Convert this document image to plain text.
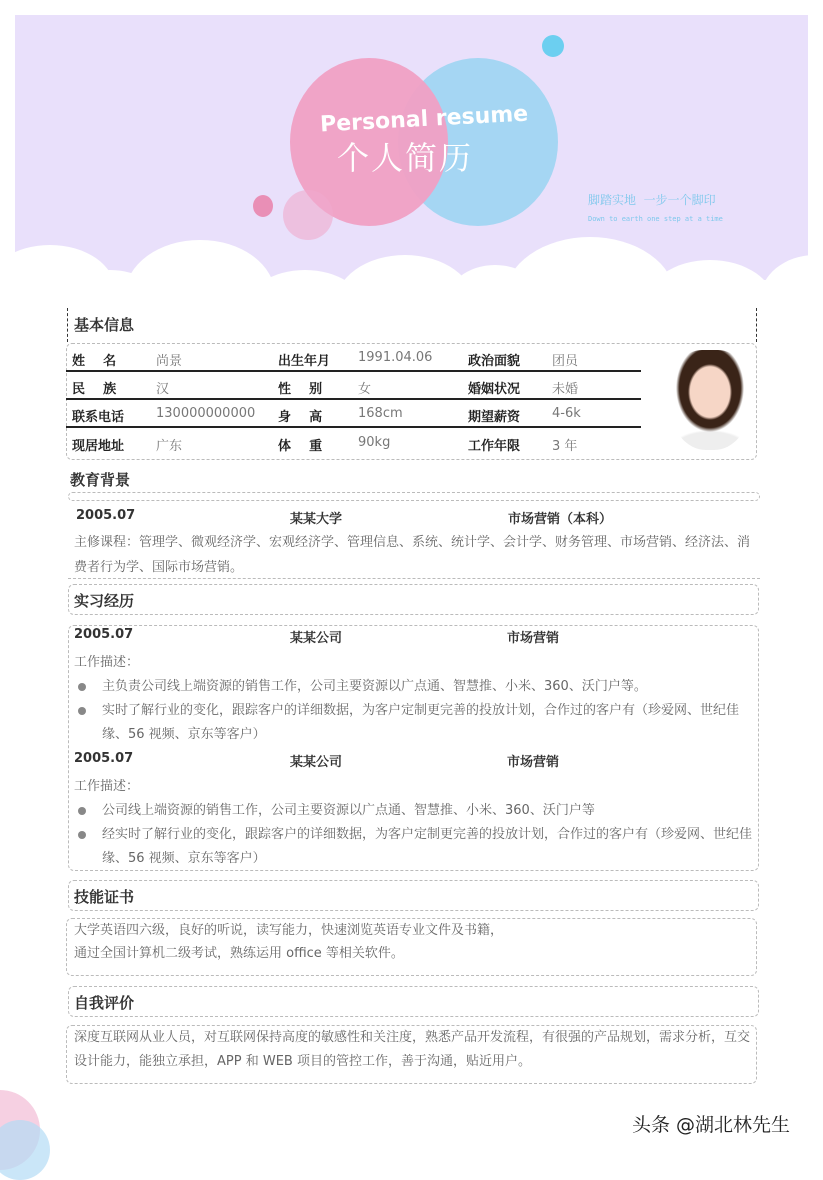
Personal resume
个人简历
脚踏实地  一步一个脚印
Down to earth one step at a time
基本信息
姓    名	尚景	出生年月 1991.04.06	政治面貌 团员
民    族	汉	性    别	女	婚姻状况 未婚
联系电话 130000000000 身    高	168cm	期望薪资 4-6k
现居地址 广东	体    重	90kg	工作年限 3 年
教育背景
2005.07	某某大学	市场营销（本科）
主修课程：管理学、微观经济学、宏观经济学、管理信息、系统、统计学、会计学、财务管理、市场营销、经济法、消费者行为学、国际市场营销。
实习经历
2005.07	某某公司	市场营销
工作描述：
主负责公司线上端资源的销售工作，公司主要资源以广点通、智慧推、小米、360、沃门户等。
实时了解行业的变化，跟踪客户的详细数据，为客户定制更完善的投放计划，合作过的客户有（珍爱网、世纪佳缘、56 视频、京东等客户）
2005.07	某某公司	市场营销
工作描述：
公司线上端资源的销售工作，公司主要资源以广点通、智慧推、小米、360、沃门户等
经实时了解行业的变化，跟踪客户的详细数据，为客户定制更完善的投放计划，合作过的客户有（珍爱网、世纪佳缘、56 视频、京东等客户）
技能证书
大学英语四六级，良好的听说，读写能力，快速浏览英语专业文件及书籍，
通过全国计算机二级考试，熟练运用 office 等相关软件。
自我评价
深度互联网从业人员，对互联网保持高度的敏感性和关注度，熟悉产品开发流程，有很强的产品规划，需求分析，互交设计能力，能独立承担，APP 和 WEB 项目的管控工作，善于沟通，贴近用户。
头条 @湖北林先生
